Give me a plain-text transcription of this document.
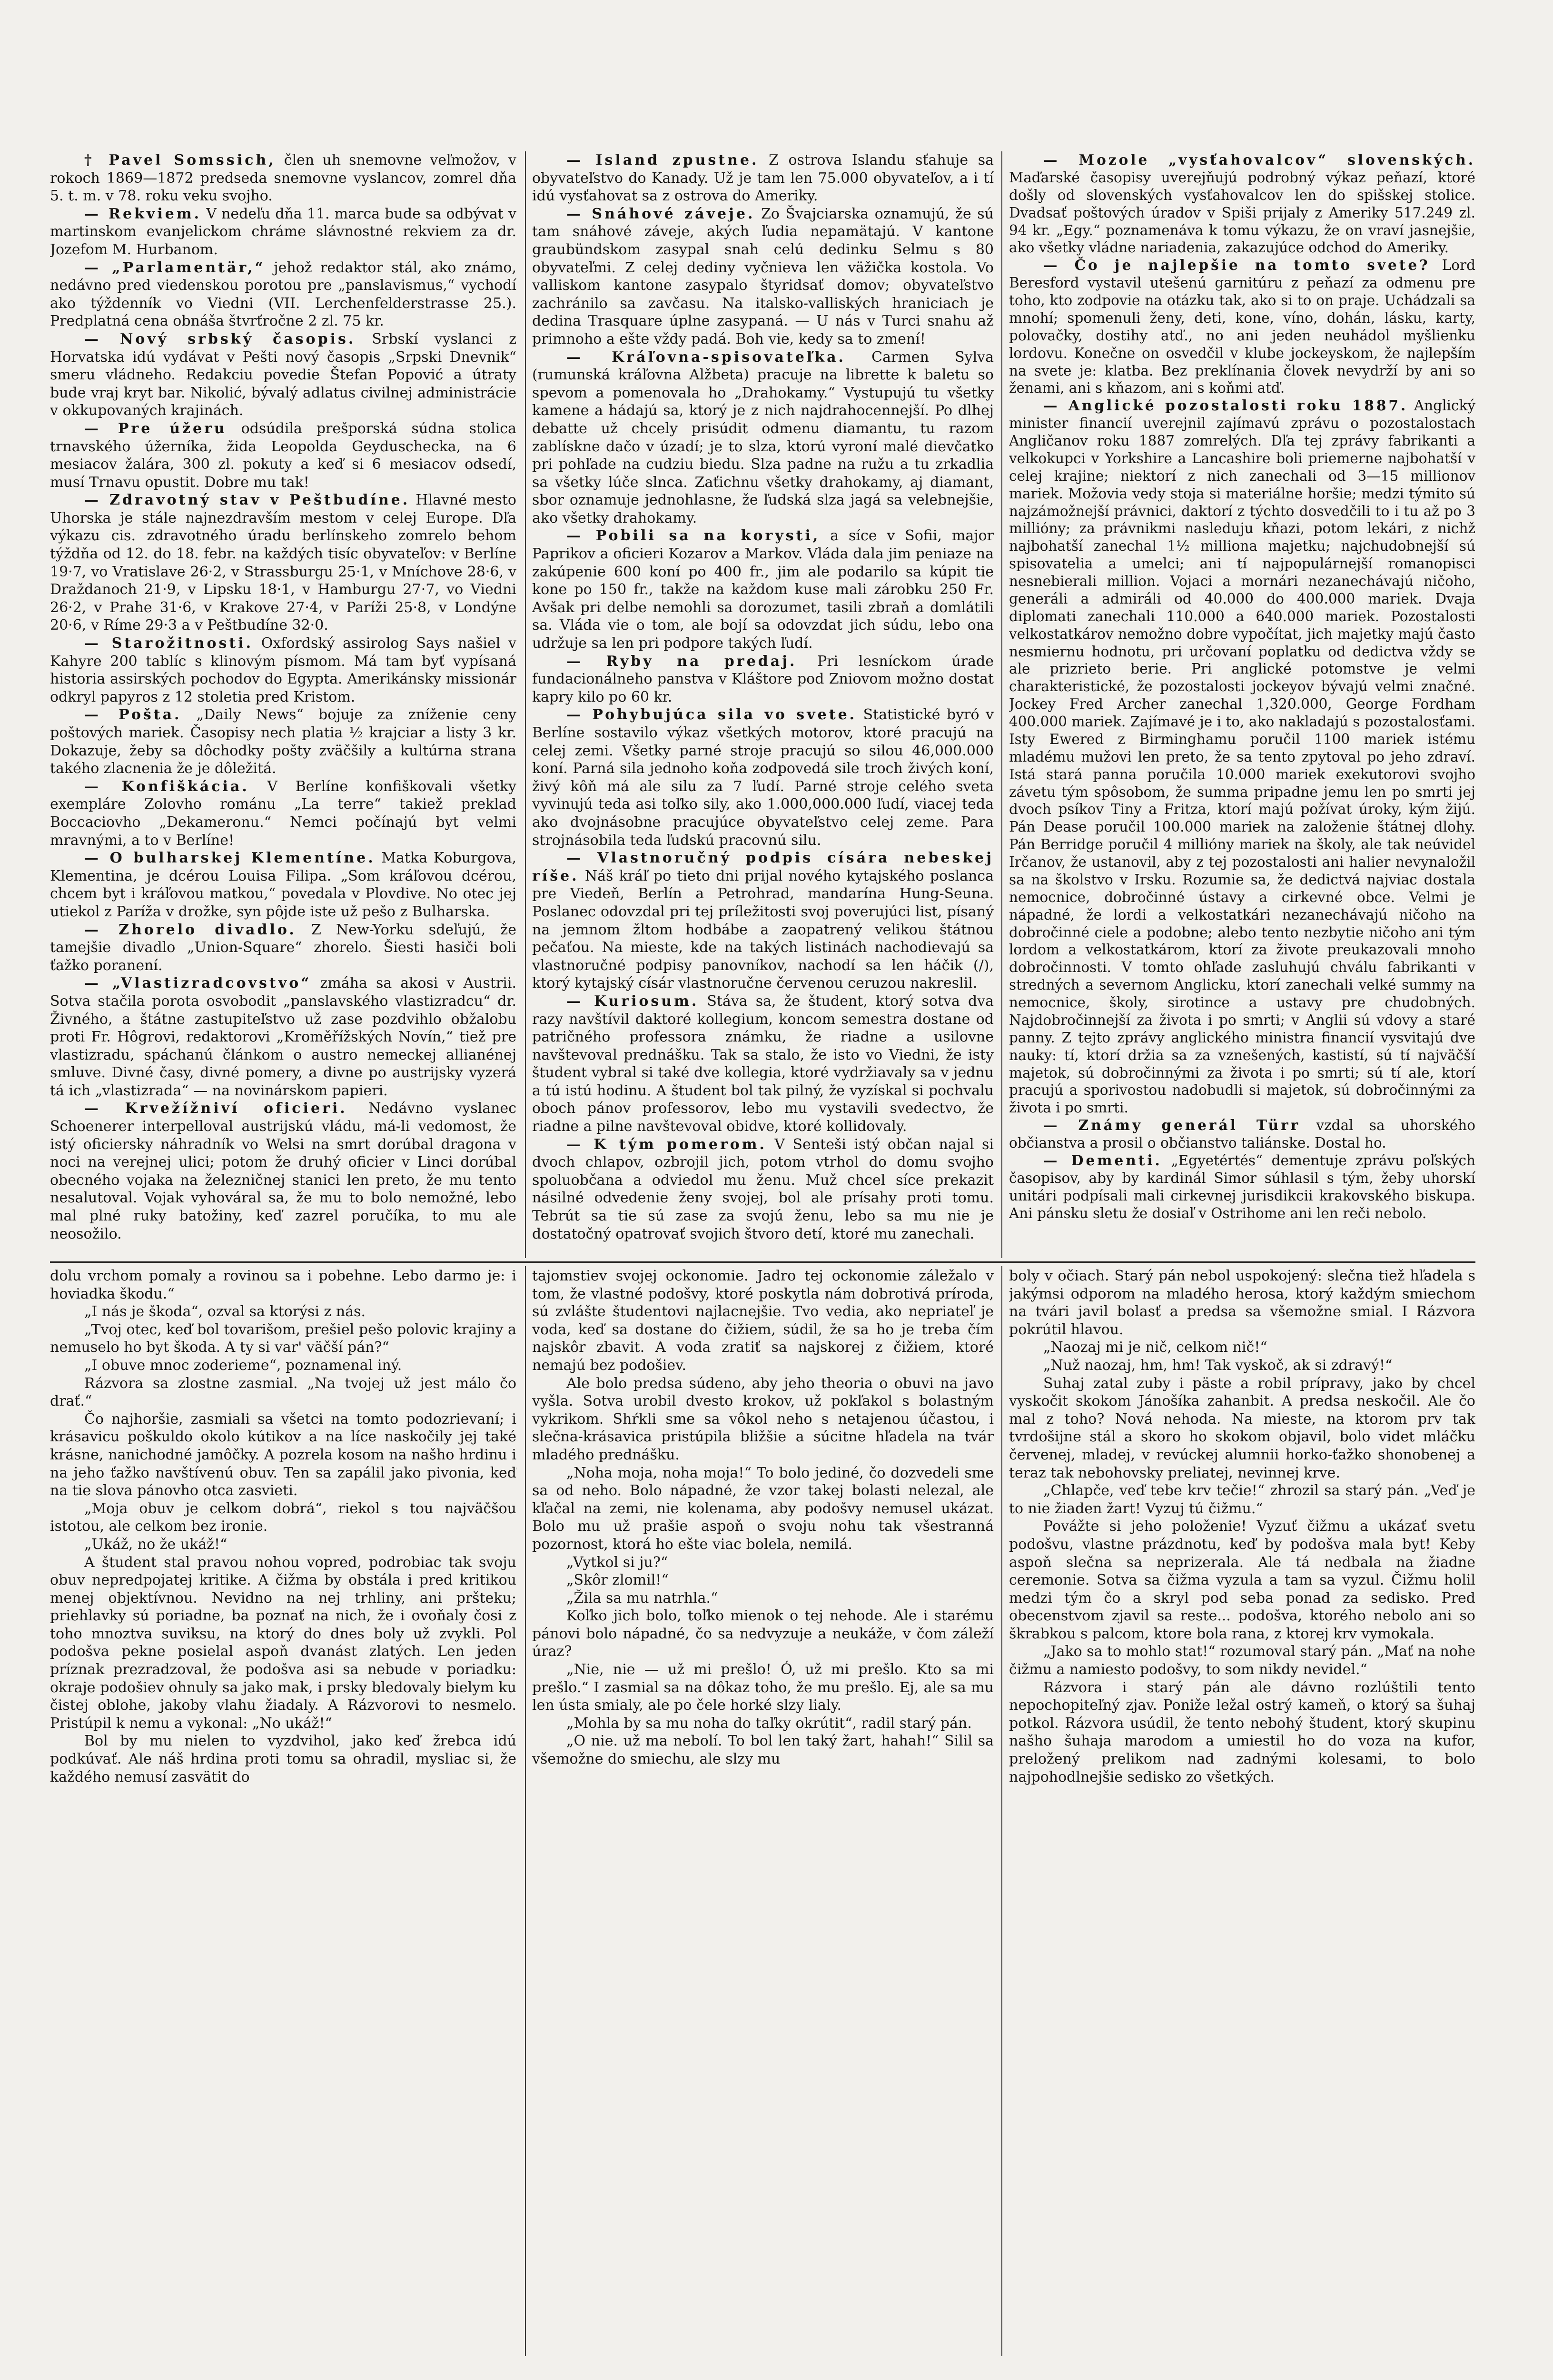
† Pavel Somssich, člen uh snemovne veľmožov, v rokoch 1869—1872 predseda snemovne vyslancov, zomrel dňa 5. t. m. v 78. roku veku svojho.

— Rekviem. V nedeľu dňa 11. marca bude sa odbývat v martinskom evanjelickom chráme slávnostné rekviem za dr. Jozefom M. Hurbanom.

— „Parlamentär,“ jehož redaktor stál, ako známo, nedávno pred viedenskou porotou pre „panslavismus,“ vychodí ako týždenník vo Viedni (VII. Lerchenfelderstrasse 25.). Predplatná cena obnáša štvrťročne 2 zl. 75 kr.

— Nový srbský časopis. Srbskí vyslanci z Horvatska idú vydávat v Pešti nový časopis „Srpski Dnevnik“ smeru vládneho. Redakciu povedie Štefan Popović a útraty bude vraj kryt bar. Nikolić, bývalý adlatus civilnej administrácie v okkupovaných krajinách.

— Pre úžeru odsúdila prešporská súdna stolica trnavského úžerníka, žida Leopolda Geyduschecka, na 6 mesiacov žalára, 300 zl. pokuty a keď si 6 mesiacov odsedí, musí Trnavu opustit. Dobre mu tak!

— Zdravotný stav v Peštbudíne. Hlavné mesto Uhorska je stále najnezdravším mestom v celej Europe. Dľa výkazu cis. zdravotného úradu berlínskeho zomrelo behom týždňa od 12. do 18. febr. na každých tisíc obyvateľov: v Berlíne 19·7, vo Vratislave 26·2, v Strassburgu 25·1, v Mníchove 28·6, v Draždanoch 21·9, v Lipsku 18·1, v Hamburgu 27·7, vo Viedni 26·2, v Prahe 31·6, v Krakove 27·4, v Paríži 25·8, v Londýne 20·6, v Ríme 29·3 a v Peštbudíne 32·0.

— Starožitnosti. Oxfordský assirolog Says našiel v Kahyre 200 tablíc s klinovým písmom. Má tam byť vypísaná historia assirských pochodov do Egypta. Amerikánsky missionár odkryl papyros z 12 stoletia pred Kristom.

— Pošta. „Daily News“ bojuje za zníženie ceny poštových mariek. Časopisy nech platia ½ krajciar a listy 3 kr. Dokazuje, žeby sa dôchodky pošty zväčšily a kultúrna strana takého zlacnenia že je dôležitá.

— Konfiškácia. V Berlíne konfiškovali všetky exempláre Zolovho románu „La terre“ takiež preklad Boccaciovho „Dekameronu.“ Nemci počínajú byt velmi mravnými, a to v Berlíne!

— O bulharskej Klementíne. Matka Koburgova, Klementina, je dcérou Louisa Filipa. „Som kráľovou dcérou, chcem byt i kráľovou matkou,“ povedala v Plovdive. No otec jej utiekol z Paríža v drožke, syn pôjde iste už pešo z Bulharska.

— Zhorelo divadlo. Z New-Yorku sdeľujú, že tamejšie divadlo „Union-Square“ zhorelo. Šiesti hasiči boli ťažko poranení.

— „Vlastizradcovstvo“ zmáha sa akosi v Austrii. Sotva stačila porota osvobodit „panslavského vlastizradcu“ dr. Živného, a štátne zastupiteľstvo už zase pozdvihlo obžalobu proti Fr. Hôgrovi, redaktorovi „Kroměřížských Novín,“ tiež pre vlastizradu, spáchanú článkom o austro nemeckej allianénej smluve. Divné časy, divné pomery, a divne po austrijsky vyzerá tá ich „vlastizrada“ — na novinárskom papieri.

— Krvežížniví oficieri. Nedávno vyslanec Schoenerer interpelloval austrijskú vládu, má-li vedomost, že istý oficiersky náhradník vo Welsi na smrt dorúbal dragona v noci na verejnej ulici; potom že druhý oficier v Linci dorúbal obecného vojaka na železničnej stanici len preto, že mu tento nesalutoval. Vojak vyhováral sa, že mu to bolo nemožné, lebo mal plné ruky batožiny, keď zazrel poručíka, to mu ale neosožilo.

— Island zpustne. Z ostrova Islandu sťahuje sa obyvateľstvo do Kanady. Už je tam len 75.000 obyvateľov, a i tí idú vysťahovat sa z ostrova do Ameriky.

— Snáhové záveje. Zo Švajciarska oznamujú, že sú tam snáhové záveje, akých ľudia nepamätajú. V kantone graubündskom zasypal snah celú dedinku Selmu s 80 obyvateľmi. Z celej dediny vyčnieva len väžička kostola. Vo valliskom kantone zasypalo štyridsať domov; obyvateľstvo zachránilo sa zavčasu. Na italsko-valliských hraniciach je dedina Trasquare úplne zasypaná. — U nás v Turci snahu až primnoho a ešte vždy padá. Boh vie, kedy sa to zmení!

— Kráľovna-spisovateľka. Carmen Sylva (rumunská kráľovna Alžbeta) pracuje na librette k baletu so spevom a pomenovala ho „Drahokamy.“ Vystupujú tu všetky kamene a hádajú sa, ktorý je z nich najdrahocennejší. Po dlhej debatte už chcely prisúdit odmenu diamantu, tu razom zablískne dačo v úzadí; je to slza, ktorú vyroní malé dievčatko pri pohľade na cudziu biedu. Slza padne na ružu a tu zrkadlia sa všetky lúče slnca. Zaťichnu všetky drahokamy, aj diamant, sbor oznamuje jednohlasne, že ľudská slza jagá sa velebnejšie, ako všetky drahokamy.

— Pobili sa na korysti, a síce v Sofii, major Paprikov a oficieri Kozarov a Markov. Vláda dala jim peniaze na zakúpenie 600 koní po 400 fr., jim ale podarilo sa kúpit tie kone po 150 fr., takže na každom kuse mali zárobku 250 Fr. Avšak pri delbe nemohli sa dorozumet, tasili zbraň a domlátili sa. Vláda vie o tom, ale bojí sa odovzdat jich súdu, lebo ona udržuje sa len pri podpore takých ľudí.

— Ryby na predaj. Pri lesníckom úrade fundacionálneho panstva v Kláštore pod Zniovom možno dostat kapry kilo po 60 kr.

— Pohybujúca sila vo svete. Statistické byró v Berlíne sostavilo výkaz všetkých motorov, ktoré pracujú na celej zemi. Všetky parné stroje pracujú so silou 46,000.000 koní. Parná sila jednoho koňa zodpovedá sile troch živých koní, živý kôň má ale silu za 7 ľudí. Parné stroje celého sveta vyvinujú teda asi toľko sily, ako 1.000,000.000 ľudí, viacej teda ako dvojnásobne pracujúce obyvateľstvo celej zeme. Para strojnásobila teda ľudskú pracovnú silu.

— Vlastnoručný podpis císára nebeskej ríše. Náš kráľ po tieto dni prijal nového kytajského poslanca pre Viedeň, Berlín a Petrohrad, mandarína Hung-Seuna. Poslanec odovzdal pri tej príležitosti svoj poverujúci list, písaný na jemnom žltom hodbábe a zaopatrený velikou štátnou pečaťou. Na mieste, kde na takých listinách nachodievajú sa vlastnoručné podpisy panovníkov, nachodí sa len háčik (/), ktorý kytajský císár vlastnoručne červenou ceruzou nakreslil.

— Kuriosum. Stáva sa, že študent, ktorý sotva dva razy navštívil daktoré kollegium, koncom semestra dostane od patričného professora známku, že riadne a usilovne navštevoval prednášku. Tak sa stalo, že isto vo Viedni, že isty študent vybral si také dve kollegia, ktoré vydržiavaly sa v jednu a tú istú hodinu. A študent bol tak pilný, že vyzískal si pochvalu oboch pánov professorov, lebo mu vystavili svedectvo, že riadne a pilne navštevoval obidve, ktoré kollidovaly.

— K tým pomerom. V Senteši istý občan najal si dvoch chlapov, ozbrojil jich, potom vtrhol do domu svojho spoluobčana a odviedol mu ženu. Muž chcel síce prekazit násilné odvedenie ženy svojej, bol ale prísahy proti tomu. Tebrút sa tie sú zase za svojú ženu, lebo sa mu nie je dostatočný opatrovať svojich štvoro detí, ktoré mu zanechali.

— Mozole „vysťahovalcov“ slovenských. Maďarské časopisy uverejňujú podrobný výkaz peňazí, ktoré došly od slovenských vysťahovalcov len do spišskej stolice. Dvadsať poštových úradov v Spiši prijaly z Ameriky 517.249 zl. 94 kr. „Egy.“ poznamenáva k tomu výkazu, že on vraví jasnejšie, ako všetky vládne nariadenia, zakazujúce odchod do Ameriky.

— Čo je najlepšie na tomto svete? Lord Beresford vystavil utešenú garnitúru z peňazí za odmenu pre toho, kto zodpovie na otázku tak, ako si to on praje. Uchádzali sa mnohí; spomenuli ženy, deti, kone, víno, dohán, lásku, karty, polovačky, dostihy atď., no ani jeden neuhádol myšlienku lordovu. Konečne on osvedčil v klube jockeyskom, že najlepším na svete je: klatba. Bez preklínania človek nevydrží by ani so ženami, ani s kňazom, ani s koňmi atď.

— Anglické pozostalosti roku 1887. Anglický minister financií uverejnil zajímavú zprávu o pozostalostach Angličanov roku 1887 zomrelých. Dľa tej zprávy fabrikanti a velkokupci v Yorkshire a Lancashire boli priemerne najbohatší v celej krajine; niektorí z nich zanechali od 3—15 millionov mariek. Možovia vedy stoja si materiálne horšie; medzi týmito sú najzámožnejší právnici, daktorí z týchto dosvedčili to i tu až po 3 millióny; za právnikmi nasleduju kňazi, potom lekári, z nichž najbohatší zanechal 1½ milliona majetku; najchudobnejší sú spisovatelia a umelci; ani tí najpopulárnejší romanopisci nesnebierali million. Vojaci a mornári nezanechávajú ničoho, generáli a admiráli od 40.000 do 400.000 mariek. Dvaja diplomati zanechali 110.000 a 640.000 mariek. Pozostalosti velkostatkárov nemožno dobre vypočítat, jich majetky majú často nesmiernu hodnotu, pri určovaní poplatku od dedictva vždy se ale prizrieto berie. Pri anglické potomstve je velmi charakteristické, že pozostalosti jockeyov bývajú velmi značné. Jockey Fred Archer zanechal 1,320.000, George Fordham 400.000 mariek. Zajímavé je i to, ako nakladajú s pozostalosťami. Isty Ewered z Birminghamu poručil 1100 mariek istému mladému mužovi len preto, že sa tento zpytoval po jeho zdraví. Istá stará panna poručila 10.000 mariek exekutorovi svojho závetu tým spôsobom, že summa pripadne jemu len po smrti jej dvoch psíkov Tiny a Fritza, ktorí majú požívat úroky, kým žijú. Pán Dease poručil 100.000 mariek na založenie štátnej dlohy. Pán Berridge poručil 4 millióny mariek na školy, ale tak neúvidel Irčanov, že ustanovil, aby z tej pozostalosti ani halier nevynaložil sa na školstvo v Irsku. Rozumie sa, že dedictvá najviac dostala nemocnice, dobročinné ústavy a cirkevné obce. Velmi je nápadné, že lordi a velkostatkári nezanechávajú ničoho na dobročinné ciele a podobne; alebo tento nezbytie ničoho ani tým lordom a velkostatkárom, ktorí za živote preukazovali mnoho dobročinnosti. V tomto ohľade zasluhujú chválu fabrikanti v stredných a severnom Anglicku, ktorí zanechali velké summy na nemocnice, školy, sirotince a ustavy pre chudobných. Najdobročinnejší za života i po smrti; v Anglii sú vdovy a staré panny. Z tejto zprávy anglického ministra financií vysvitajú dve nauky: tí, ktorí držia sa za vznešených, kastistí, sú tí najväčší majetok, sú dobročinnými za života i po smrti; sú tí ale, ktorí pracujú a sporivostou nadobudli si majetok, sú dobročinnými za života i po smrti.

— Známy generál Türr vzdal sa uhorského občianstva a prosil o občianstvo taliánske. Dostal ho.

— Dementi. „Egyetértés“ dementuje zprávu poľských časopisov, aby by kardinál Simor súhlasil s tým, žeby uhorskí unitári podpísali mali cirkevnej jurisdikcii krakovského biskupa. Ani pánsku sletu že dosiaľ v Ostrihome ani len reči nebolo.

dolu vrchom pomaly a rovinou sa i pobehne. Lebo darmo je: i hoviadka škodu.“

„I nás je škoda“, ozval sa ktorýsi z nás.

„Tvoj otec, keď bol tovarišom, prešiel pešo polovic krajiny a nemuselo ho byt škoda. A ty si var' väčší pán?“

„I obuve mnoc zoderieme“, poznamenal iný.

Rázvora sa zlostne zasmial. „Na tvojej už jest málo čo drať.“

Čo najhoršie, zasmiali sa všetci na tomto podozrievaní; i krásavicu poškuldo okolo kútikov a na líce naskočily jej také krásne, nanichodné jamôčky. A pozrela kosom na našho hrdinu i na jeho ťažko navštívenú obuv. Ten sa zapálil jako pivonia, keď na tie slova pánovho otca zasvieti.

„Moja obuv je celkom dobrá“, riekol s tou najväčšou istotou, ale celkom bez ironie.

„Ukáž, no že ukáž!“

A študent stal pravou nohou vopred, podrobiac tak svoju obuv nepredpojatej kritike. A čižma by obstála i pred kritikou menej objektívnou. Nevidno na nej trhliny, ani pršteku; priehlavky sú poriadne, ba poznať na nich, že i ovoňaly čosi z toho mnoztva suviksu, na ktorý do dnes boly už zvykli. Pol podošva pekne posielal aspoň dvanást zlatých. Len jeden príznak prezradzoval, že podošva asi sa nebude v poriadku: okraje podošiev ohnuly sa jako mak, i prsky bledovaly bielym ku čistej oblohe, jakoby vlahu žiadaly. A Rázvorovi to nesmelo. Pristúpil k nemu a vykonal: „No ukáž!“

Bol by mu nielen to vyzdvihol, jako keď žrebca idú podkúvať. Ale náš hrdina proti tomu sa ohradil, mysliac si, že každého nemusí zasvätit do

tajomstiev svojej ockonomie. Jadro tej ockonomie záležalo v tom, že vlastné podošvy, ktoré poskytla nám dobrotivá príroda, sú zvlášte študentovi najlacnejšie. Tvo vedia, ako nepriateľ je voda, keď sa dostane do čižiem, súdil, že sa ho je treba čím najskôr zbavit. A voda zratiť sa najskorej z čižiem, ktoré nemajú bez podošiev.

Ale bolo predsa súdeno, aby jeho theoria o obuvi na javo vyšla. Sotva urobil dvesto krokov, už pokľakol s bolastným vykrikom. Shŕkli sme sa vôkol neho s netajenou účastou, i slečna-krásavica pristúpila bližšie a súcitne hľadela na tvár mladého prednášku.

„Noha moja, noha moja!“ To bolo jediné, čo dozvedeli sme sa od neho. Bolo nápadné, že vzor takej bolasti nelezal, ale kľačal na zemi, nie kolenama, aby podošvy nemusel ukázat. Bolo mu už prašie aspoň o svoju nohu tak všestranná pozornost, ktorá ho ešte viac bolela, nemilá.

„Vytkol si ju?“

„Skôr zlomil!“

„Žila sa mu natrhla.“

Koľko jich bolo, toľko mienok o tej nehode. Ale i starému pánovi bolo nápadné, čo sa nedvyzuje a neukáže, v čom záleží úraz?

„Nie, nie — už mi prešlo! Ó, už mi prešlo. Kto sa mi prešlo.“ I zasmial sa na dôkaz toho, že mu prešlo. Ej, ale sa mu len ústa smialy, ale po čele horké slzy lialy.

„Mohla by sa mu noha do taľky okrútit“, radil starý pán.

„O nie. už ma nebolí. To bol len taký žart, hahah!“ Silil sa všemožne do smiechu, ale slzy mu

boly v očiach. Starý pán nebol uspokojený: slečna tiež hľadela s jakýmsi odporom na mladého herosa, ktorý každým smiechom na tvári javil bolasť a predsa sa všemožne smial. I Rázvora pokrútil hlavou.

„Naozaj mi je nič, celkom nič!“

„Nuž naozaj, hm, hm! Tak vyskoč, ak si zdravý!“

Suhaj zatal zuby i päste a robil prípravy, jako by chcel vyskočit skokom Jánošíka zahanbit. A predsa neskočil. Ale čo mal z toho? Nová nehoda. Na mieste, na ktorom prv tak tvrdošijne stál a skoro ho skokom objavil, bolo videt mláčku červenej, mladej, v revúckej alumnii horko-ťažko shonobenej a teraz tak nebohovsky preliatej, nevinnej krve.

„Chlapče, veď tebe krv tečie!“ zhrozil sa starý pán. „Veď je to nie žiaden žart! Vyzuj tú čižmu.“

Povážte si jeho položenie! Vyzuť čižmu a ukázať svetu podošvu, vlastne prázdnotu, keď by podošva mala byt! Keby aspoň slečna sa neprizerala. Ale tá nedbala na žiadne ceremonie. Sotva sa čižma vyzula a tam sa vyzul. Čižmu holil medzi tým čo a skryl pod seba ponad za sedisko. Pred obecenstvom zjavil sa reste... podošva, ktorého nebolo ani so škrabkou s palcom, ktore bola rana, z ktorej krv vymokala.

„Jako sa to mohlo stat!“ rozumoval starý pán. „Mať na nohe čižmu a namiesto podošvy, to som nikdy nevidel.“

Rázvora i starý pán ale dávno rozlúštili tento nepochopiteľný zjav. Poniže ležal ostrý kameň, o ktorý sa šuhaj potkol. Rázvora usúdil, že tento nebohý študent, ktorý skupinu našho šuhaja marodom a umiestil ho do voza na kufor, preložený prelikom nad zadnými kolesami, to bolo najpohodlnejšie sedisko zo všetkých.
